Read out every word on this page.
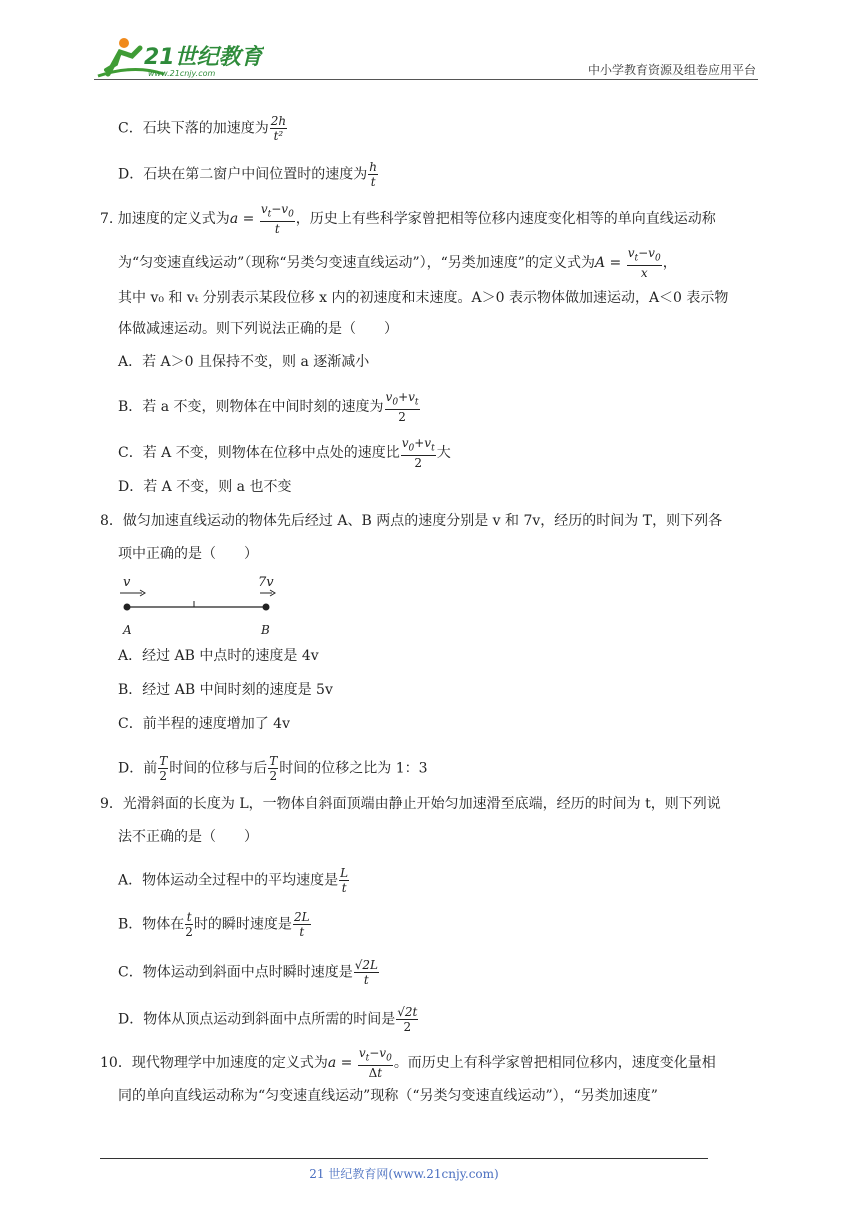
21世纪教育
www.21cnjy.com	中小学教育资源及组卷应用平台
C．石块下落的加速度为 $\frac{2h}{\text{t²}}$
D．石块在第二窗户中间位置时的速度为 $\frac{h}{t}$
7. 加速度的定义式为$a = \frac{v_t-v_0}{t}$ ，历史上有些科学家曾把相等位移内速度变化相等的单向直线运动称
为“匀变速直线运动”（现称“另类匀变速直线运动”），“另类加速度”的定义式为$A = \frac{v_t-v_0}{x}$ ，
其中 v₀ 和 vₜ 分别表示某段位移 x 内的初速度和末速度。A＞0 表示物体做加速运动，A＜0 表示物
体做减速运动。则下列说法正确的是（　　）
A．若 A＞0 且保持不变，则 a 逐渐减小
B．若 a 不变，则物体在中间时刻的速度为 $\frac{v_0+v_t}{2}$
C．若 A 不变，则物体在位移中点处的速度比 $\frac{v_0+v_t}{2}$ 大
D．若 A 不变，则 a 也不变
8．做匀加速直线运动的物体先后经过 A、B 两点的速度分别是 v 和 7v，经历的时间为 T，则下列各
项中正确的是（　　）
v	7v
A	B
A．经过 AB 中点时的速度是 4v
B．经过 AB 中间时刻的速度是 5v
C．前半程的速度增加了 4v
D．前 $\frac{T}{2}$ 时间的位移与后 $\frac{T}{2}$ 时间的位移之比为 1：3
9．光滑斜面的长度为 L，一物体自斜面顶端由静止开始匀加速滑至底端，经历的时间为 t，则下列说
法不正确的是（　　）
A．物体运动全过程中的平均速度是 $\frac{L}{t}$
B．物体在 $\frac{t}{2}$ 时的瞬时速度是 $\frac{2L}{t}$
C．物体运动到斜面中点时瞬时速度是 $\frac{√2L}{t}$
D．物体从顶点运动到斜面中点所需的时间是 $\frac{√2t}{2}$
10．现代物理学中加速度的定义式为$a = \frac{v_t-v_0}{\Delta t}$ 。而历史上有科学家曾把相同位移内，速度变化量相
同的单向直线运动称为“匀变速直线运动”现称（“另类匀变速直线运动”），“另类加速度”
21 世纪教育网(www.21cnjy.com)
